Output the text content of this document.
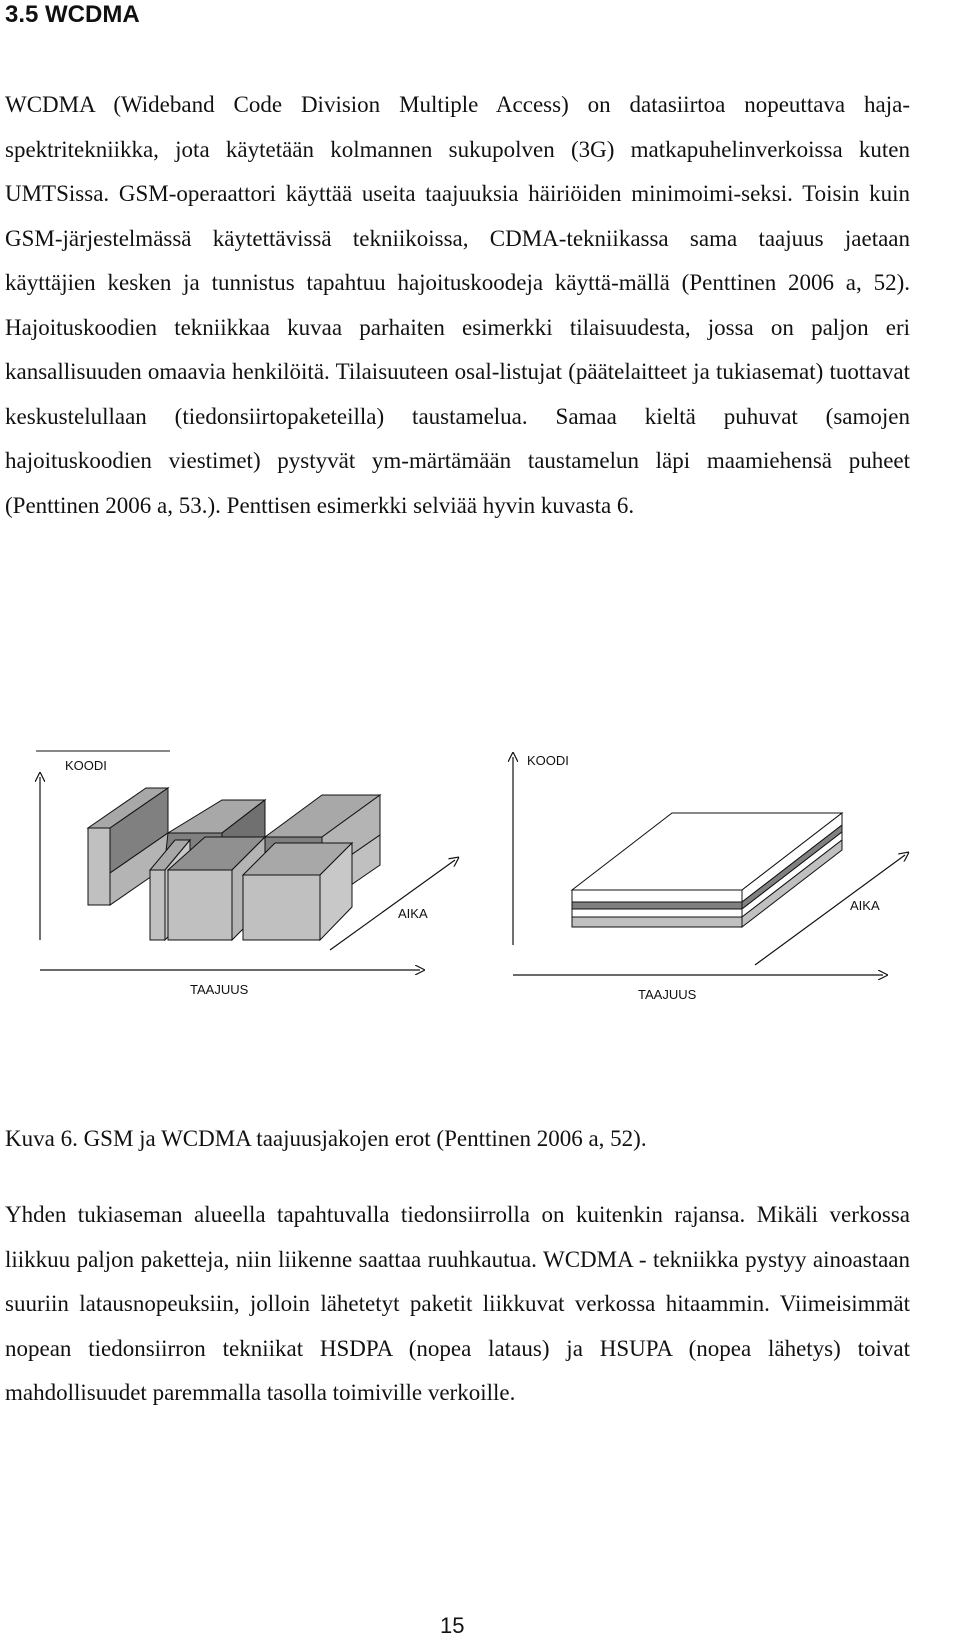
3.5 WCDMA

WCDMA (Wideband Code Division Multiple Access) on datasiirtoa nopeuttava haja-spektritekniikka, jota käytetään kolmannen sukupolven (3G) matkapuhelinverkoissa kuten UMTSissa. GSM-operaattori käyttää useita taajuuksia häiriöiden minimoimi-seksi. Toisin kuin GSM-järjestelmässä käytettävissä tekniikoissa, CDMA-tekniikassa sama taajuus jaetaan käyttäjien kesken ja tunnistus tapahtuu hajoituskoodeja käyttä-mällä (Penttinen 2006 a, 52). Hajoituskoodien tekniikkaa kuvaa parhaiten esimerkki tilaisuudesta, jossa on paljon eri kansallisuuden omaavia henkilöitä. Tilaisuuteen osal-listujat (päätelaitteet ja tukiasemat) tuottavat keskustelullaan (tiedonsiirtopaketeilla) taustamelua. Samaa kieltä puhuvat (samojen hajoituskoodien viestimet) pystyvät ym-märtämään taustamelun läpi maamiehensä puheet (Penttinen 2006 a, 53.). Penttisen esimerkki selviää hyvin kuvasta 6.

KOODI
AIKA
TAAJUUS
KOODI
AIKA
TAAJUUS

Kuva 6. GSM ja WCDMA taajuusjakojen erot (Penttinen 2006 a, 52).

Yhden tukiaseman alueella tapahtuvalla tiedonsiirrolla on kuitenkin rajansa. Mikäli verkossa liikkuu paljon paketteja, niin liikenne saattaa ruuhkautua. WCDMA - tekniikka pystyy ainoastaan suuriin latausnopeuksiin, jolloin lähetetyt paketit liikkuvat verkossa hitaammin. Viimeisimmät nopean tiedonsiirron tekniikat HSDPA (nopea lataus) ja HSUPA (nopea lähetys) toivat mahdollisuudet paremmalla tasolla toimiville verkoille.

15
